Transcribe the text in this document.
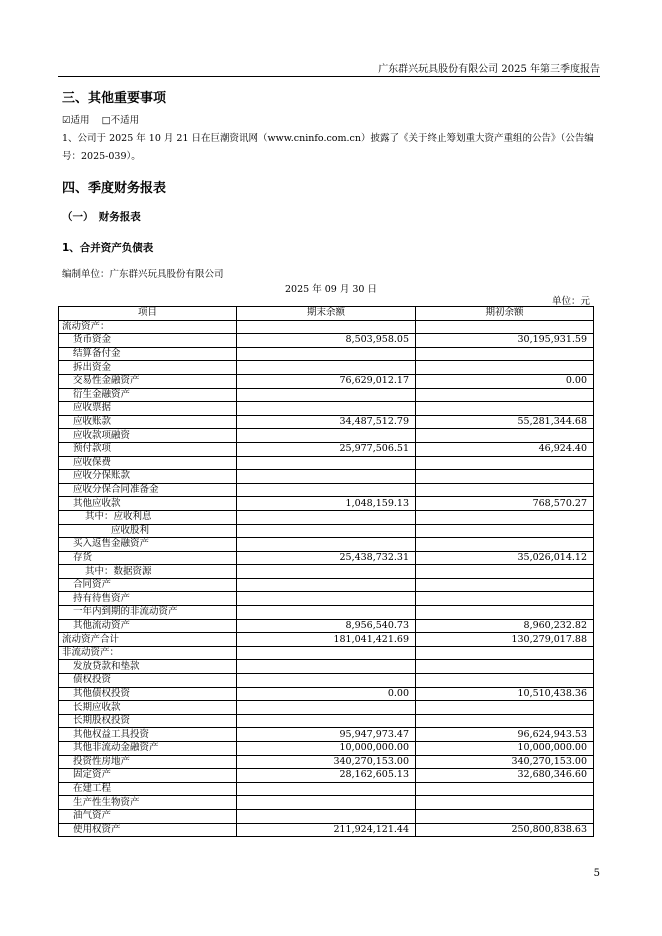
广东群兴玩具股份有限公司 2025 年第三季度报告
三、其他重要事项
☑适用 □不适用
1、公司于 2025 年 10 月 21 日在巨潮资讯网（www.cninfo.com.cn）披露了《关于终止筹划重大资产重组的公告》（公告编号：2025-039）。
四、季度财务报表
（一）　财务报表
1、合并资产负债表
编制单位：广东群兴玩具股份有限公司
2025 年 09 月 30 日
单位：元
项目	期末余额	期初余额
流动资产：		
货币资金	8,503,958.05	30,195,931.59
结算备付金		
拆出资金		
交易性金融资产	76,629,012.17	0.00
衍生金融资产		
应收票据		
应收账款	34,487,512.79	55,281,344.68
应收款项融资		
预付款项	25,977,506.51	46,924.40
应收保费		
应收分保账款		
应收分保合同准备金		
其他应收款	1,048,159.13	768,570.27
其中：应收利息		
应收股利		
买入返售金融资产		
存货	25,438,732.31	35,026,014.12
其中：数据资源		
合同资产		
持有待售资产		
一年内到期的非流动资产		
其他流动资产	8,956,540.73	8,960,232.82
流动资产合计	181,041,421.69	130,279,017.88
非流动资产：		
发放贷款和垫款		
债权投资		
其他债权投资	0.00	10,510,438.36
长期应收款		
长期股权投资		
其他权益工具投资	95,947,973.47	96,624,943.53
其他非流动金融资产	10,000,000.00	10,000,000.00
投资性房地产	340,270,153.00	340,270,153.00
固定资产	28,162,605.13	32,680,346.60
在建工程		
生产性生物资产		
油气资产		
使用权资产	211,924,121.44	250,800,838.63
5
